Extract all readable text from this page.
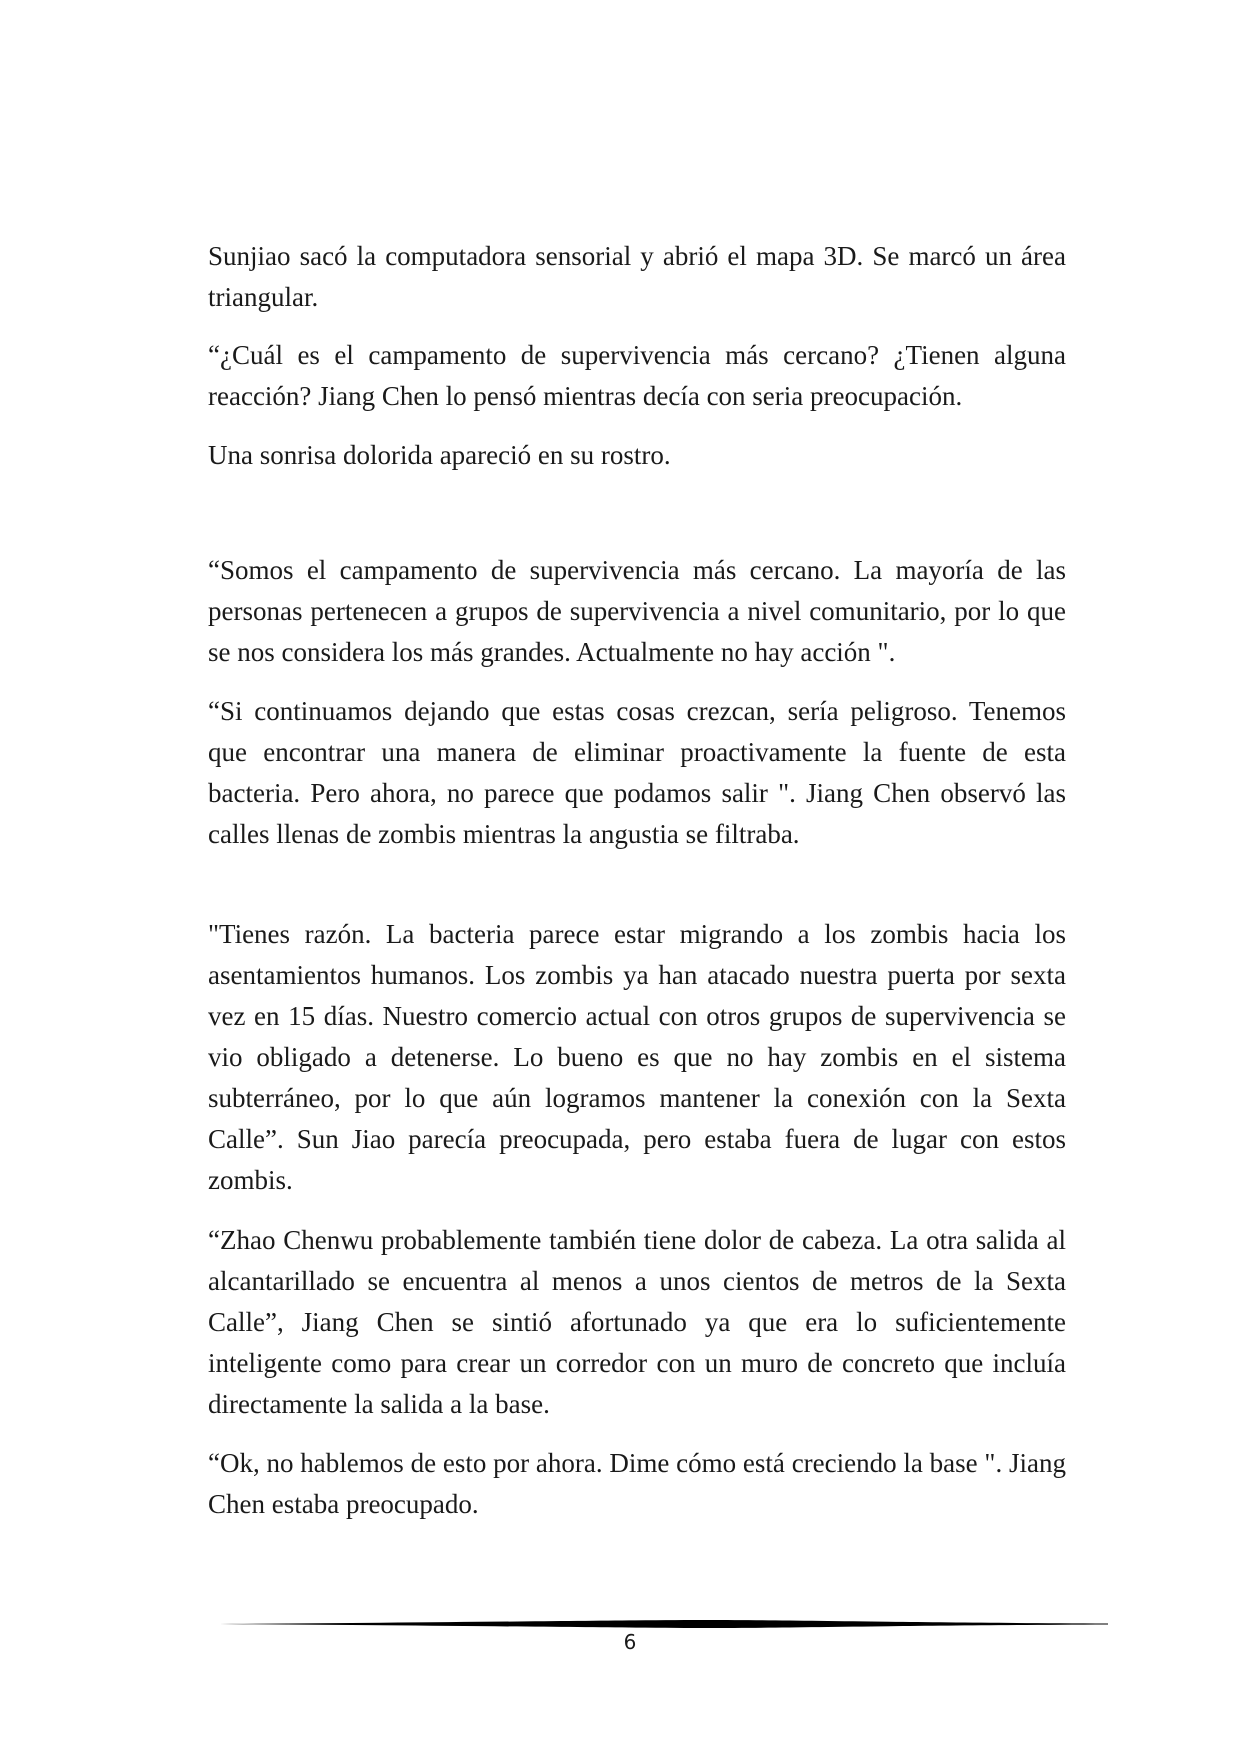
Sunjiao sacó la computadora sensorial y abrió el mapa 3D. Se marcó un área triangular.

“¿Cuál es el campamento de supervivencia más cercano? ¿Tienen alguna reacción? Jiang Chen lo pensó mientras decía con seria preocupación.

Una sonrisa dolorida apareció en su rostro.

“Somos el campamento de supervivencia más cercano. La mayoría de las personas pertenecen a grupos de supervivencia a nivel comunitario, por lo que se nos considera los más grandes. Actualmente no hay acción ".

“Si continuamos dejando que estas cosas crezcan, sería peligroso. Tenemos que encontrar una manera de eliminar proactivamente la fuente de esta bacteria. Pero ahora, no parece que podamos salir ". Jiang Chen observó las calles llenas de zombis mientras la angustia se filtraba.

"Tienes razón. La bacteria parece estar migrando a los zombis hacia los asentamientos humanos. Los zombis ya han atacado nuestra puerta por sexta vez en 15 días. Nuestro comercio actual con otros grupos de supervivencia se vio obligado a detenerse. Lo bueno es que no hay zombis en el sistema subterráneo, por lo que aún logramos mantener la conexión con la Sexta Calle”. Sun Jiao parecía preocupada, pero estaba fuera de lugar con estos zombis.

“Zhao Chenwu probablemente también tiene dolor de cabeza. La otra salida al alcantarillado se encuentra al menos a unos cientos de metros de la Sexta Calle”, Jiang Chen se sintió afortunado ya que era lo suficientemente inteligente como para crear un corredor con un muro de concreto que incluía directamente la salida a la base.

“Ok, no hablemos de esto por ahora. Dime cómo está creciendo la base ". Jiang Chen estaba preocupado.

6
